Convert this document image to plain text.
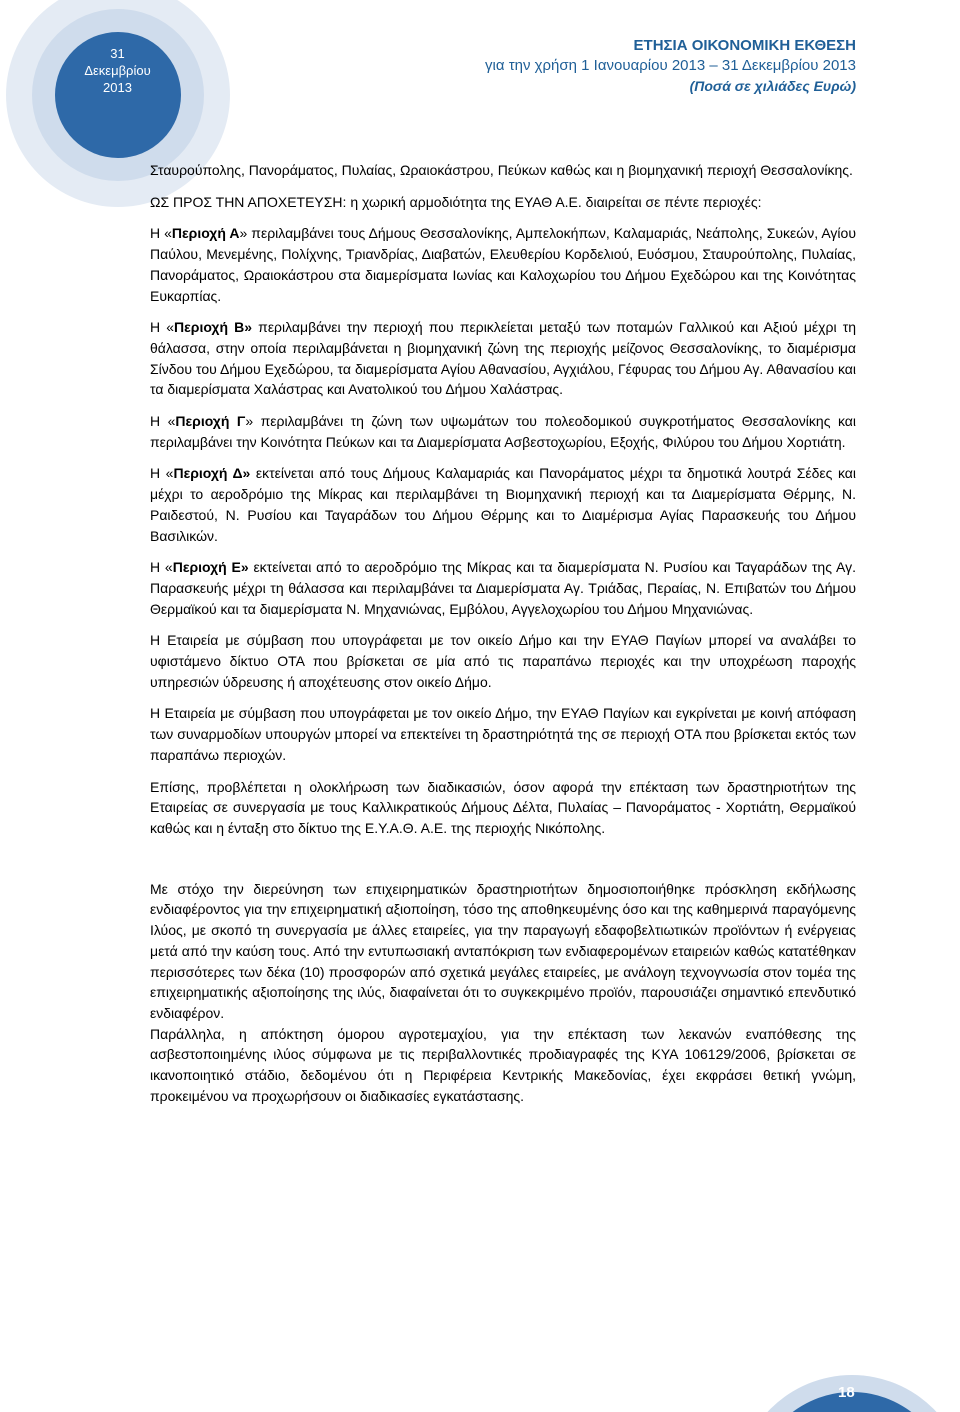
31
Δεκεμβρίου
2013
ΕΤΗΣΙΑ ΟΙΚΟΝΟΜΙΚΗ ΕΚΘΕΣΗ
για την χρήση 1 Ιανουαρίου 2013 – 31 Δεκεμβρίου 2013
(Ποσά σε χιλιάδες Ευρώ)

Σταυρούπολης, Πανοράματος, Πυλαίας, Ωραιοκάστρου, Πεύκων καθώς και η βιομηχανική περιοχή Θεσσαλονίκης.

ΩΣ ΠΡΟΣ ΤΗΝ ΑΠΟΧΕΤΕΥΣΗ: η χωρική αρμοδιότητα της ΕΥΑΘ Α.Ε. διαιρείται σε πέντε περιοχές:

Η «Περιοχή Α» περιλαμβάνει τους Δήμους Θεσσαλονίκης, Αμπελοκήπων, Καλαμαριάς, Νεάπολης, Συκεών, Αγίου Παύλου, Μενεμένης, Πολίχνης, Τριανδρίας, Διαβατών, Ελευθερίου Κορδελιού, Ευόσμου, Σταυρούπολης, Πυλαίας, Πανοράματος, Ωραιοκάστρου στα διαμερίσματα Ιωνίας και Καλοχωρίου του Δήμου Εχεδώρου και της Κοινότητας Ευκαρπίας.

Η «Περιοχή Β» περιλαμβάνει την περιοχή που περικλείεται μεταξύ των ποταμών Γαλλικού και Αξιού μέχρι τη θάλασσα, στην οποία περιλαμβάνεται η βιομηχανική ζώνη της περιοχής μείζονος Θεσσαλονίκης, το διαμέρισμα Σίνδου του Δήμου Εχεδώρου, τα διαμερίσματα Αγίου Αθανασίου, Αγχιάλου, Γέφυρας του Δήμου Αγ. Αθανασίου και τα διαμερίσματα Χαλάστρας και Ανατολικού του Δήμου Χαλάστρας.

Η «Περιοχή Γ» περιλαμβάνει τη ζώνη των υψωμάτων του πολεοδομικού συγκροτήματος Θεσσαλονίκης και περιλαμβάνει την Κοινότητα Πεύκων και τα Διαμερίσματα Ασβεστοχωρίου, Εξοχής, Φιλύρου του Δήμου Χορτιάτη.

Η «Περιοχή Δ» εκτείνεται από τους Δήμους Καλαμαριάς και Πανοράματος μέχρι τα δημοτικά λουτρά Σέδες και μέχρι το αεροδρόμιο της Μίκρας και περιλαμβάνει τη Βιομηχανική περιοχή και τα Διαμερίσματα Θέρμης, Ν. Ραιδεστού, Ν. Ρυσίου και Ταγαράδων του Δήμου Θέρμης και το Διαμέρισμα Αγίας Παρασκευής του Δήμου Βασιλικών.

Η «Περιοχή Ε» εκτείνεται από το αεροδρόμιο της Μίκρας και τα διαμερίσματα Ν. Ρυσίου και Ταγαράδων της Αγ. Παρασκευής μέχρι τη θάλασσα και περιλαμβάνει τα Διαμερίσματα Αγ. Τριάδας, Περαίας, Ν. Επιβατών του Δήμου Θερμαϊκού και τα διαμερίσματα Ν. Μηχανιώνας, Εμβόλου, Αγγελοχωρίου του Δήμου Μηχανιώνας.

Η Εταιρεία με σύμβαση που υπογράφεται με τον οικείο Δήμο και την ΕΥΑΘ Παγίων μπορεί να αναλάβει το υφιστάμενο δίκτυο ΟΤΑ που βρίσκεται σε μία από τις παραπάνω περιοχές και την υποχρέωση παροχής υπηρεσιών ύδρευσης ή αποχέτευσης στον οικείο Δήμο.

Η Εταιρεία με σύμβαση που υπογράφεται με τον οικείο Δήμο, την ΕΥΑΘ Παγίων και εγκρίνεται με κοινή απόφαση των συναρμοδίων υπουργών μπορεί να επεκτείνει τη δραστηριότητά της σε περιοχή ΟΤΑ που βρίσκεται εκτός των παραπάνω περιοχών.

Επίσης, προβλέπεται η ολοκλήρωση των διαδικασιών, όσον αφορά την επέκταση των δραστηριοτήτων της Εταιρείας σε συνεργασία με τους Καλλικρατικούς Δήμους Δέλτα, Πυλαίας – Πανοράματος - Χορτιάτη, Θερμαϊκού καθώς και η ένταξη στο δίκτυο της Ε.Υ.Α.Θ. Α.Ε. της περιοχής Νικόπολης.

Με στόχο την διερεύνηση των επιχειρηματικών δραστηριοτήτων δημοσιοποιήθηκε πρόσκληση εκδήλωσης ενδιαφέροντος για την επιχειρηματική αξιοποίηση, τόσο της αποθηκευμένης όσο και της καθημερινά παραγόμενης Ιλύος, με σκοπό τη συνεργασία με άλλες εταιρείες, για την παραγωγή εδαφοβελτιωτικών προϊόντων ή ενέργειας μετά από την καύση τους. Από την εντυπωσιακή ανταπόκριση των ενδιαφερομένων εταιρειών καθώς κατατέθηκαν περισσότερες των δέκα (10) προσφορών από σχετικά μεγάλες εταιρείες, με ανάλογη τεχνογνωσία στον τομέα της επιχειρηματικής αξιοποίησης της ιλύς, διαφαίνεται ότι το συγκεκριμένο προϊόν, παρουσιάζει σημαντικό επενδυτικό ενδιαφέρον.

Παράλληλα, η απόκτηση όμορου αγροτεμαχίου, για την επέκταση των λεκανών εναπόθεσης της ασβεστοποιημένης ιλύος σύμφωνα με τις περιβαλλοντικές προδιαγραφές της ΚΥΑ 106129/2006, βρίσκεται σε ικανοποιητικό στάδιο, δεδομένου ότι η Περιφέρεια Κεντρικής Μακεδονίας, έχει εκφράσει θετική γνώμη, προκειμένου να προχωρήσουν οι διαδικασίες εγκατάστασης.

18
